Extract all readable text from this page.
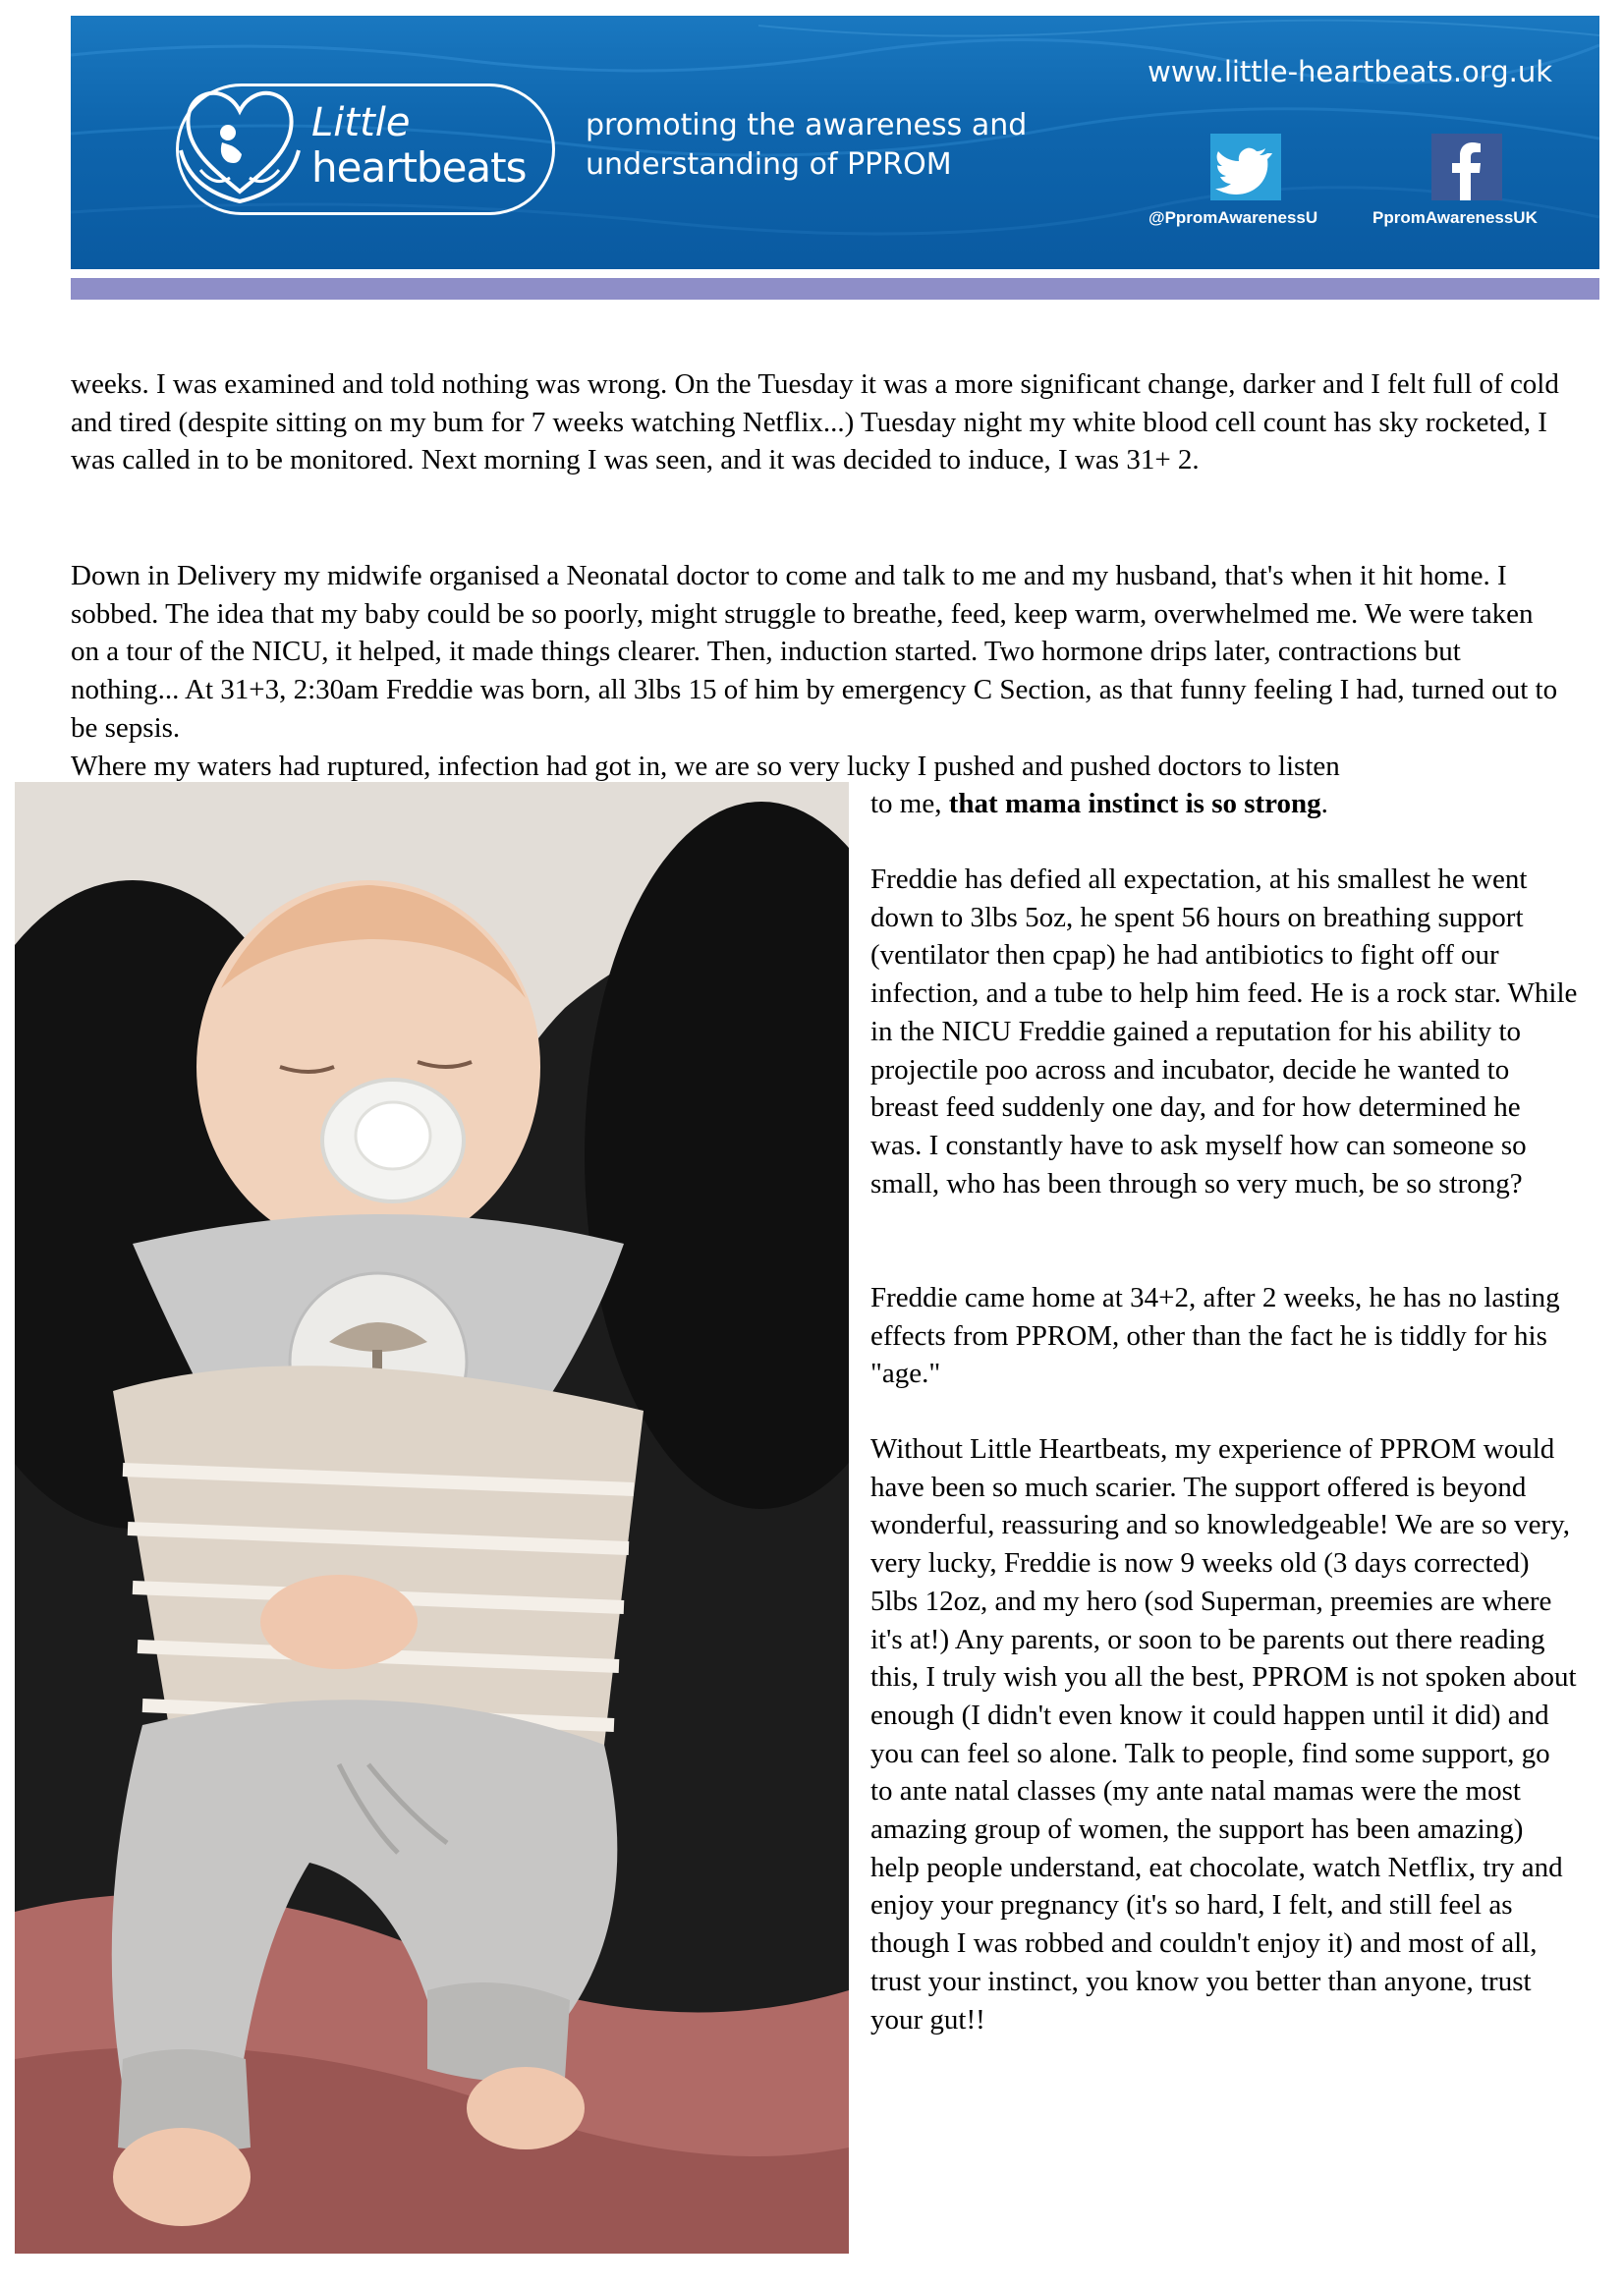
Little
heartbeats
promoting the awareness and understanding of PPROM
www.little-heartbeats.org.uk
@PpromAwarenessU	PpromAwarenessUK

weeks. I was examined and told nothing was wrong. On the Tuesday it was a more significant change, darker and I felt full of cold and tired (despite sitting on my bum for 7 weeks watching Netflix...) Tuesday night my white blood cell count has sky rocketed, I was called in to be monitored. Next morning I was seen, and it was decided to induce, I was 31+ 2.

Down in Delivery my midwife organised a Neonatal doctor to come and talk to me and my husband, that's when it hit home. I sobbed. The idea that my baby could be so poorly, might struggle to breathe, feed, keep warm, overwhelmed me. We were taken on a tour of the NICU, it helped, it made things clearer. Then, induction started. Two hormone drips later, contractions but nothing... At 31+3, 2:30am Freddie was born, all 3lbs 15 of him by emergency C Section, as that funny feeling I had, turned out to be sepsis.

Where my waters had ruptured, infection had got in, we are so very lucky I pushed and pushed doctors to listen

to me, that mama instinct is so strong.

Freddie has defied all expectation, at his smallest he went down to 3lbs 5oz, he spent 56 hours on breathing support (ventilator then cpap) he had antibiotics to fight off our infection, and a tube to help him feed. He is a rock star. While in the NICU Freddie gained a reputation for his ability to projectile poo across and incubator, decide he wanted to breast feed suddenly one day, and for how determined he was. I constantly have to ask myself how can someone so small, who has been through so very much, be so strong?

Freddie came home at 34+2, after 2 weeks, he has no lasting effects from PPROM, other than the fact he is tiddly for his "age."

Without Little Heartbeats, my experience of PPROM would have been so much scarier. The support offered is beyond wonderful, reassuring and so knowledgeable! We are so very, very lucky, Freddie is now 9 weeks old (3 days corrected) 5lbs 12oz, and my hero (sod Superman, preemies are where it's at!) Any parents, or soon to be parents out there reading this, I truly wish you all the best, PPROM is not spoken about enough (I didn't even know it could happen until it did) and you can feel so alone. Talk to people, find some support, go to ante natal classes (my ante natal mamas were the most amazing group of women, the support has been amazing) help people understand, eat chocolate, watch Netflix, try and enjoy your pregnancy (it's so hard, I felt, and still feel as though I was robbed and couldn't enjoy it) and most of all, trust your instinct, you know you better than anyone, trust your gut!!
